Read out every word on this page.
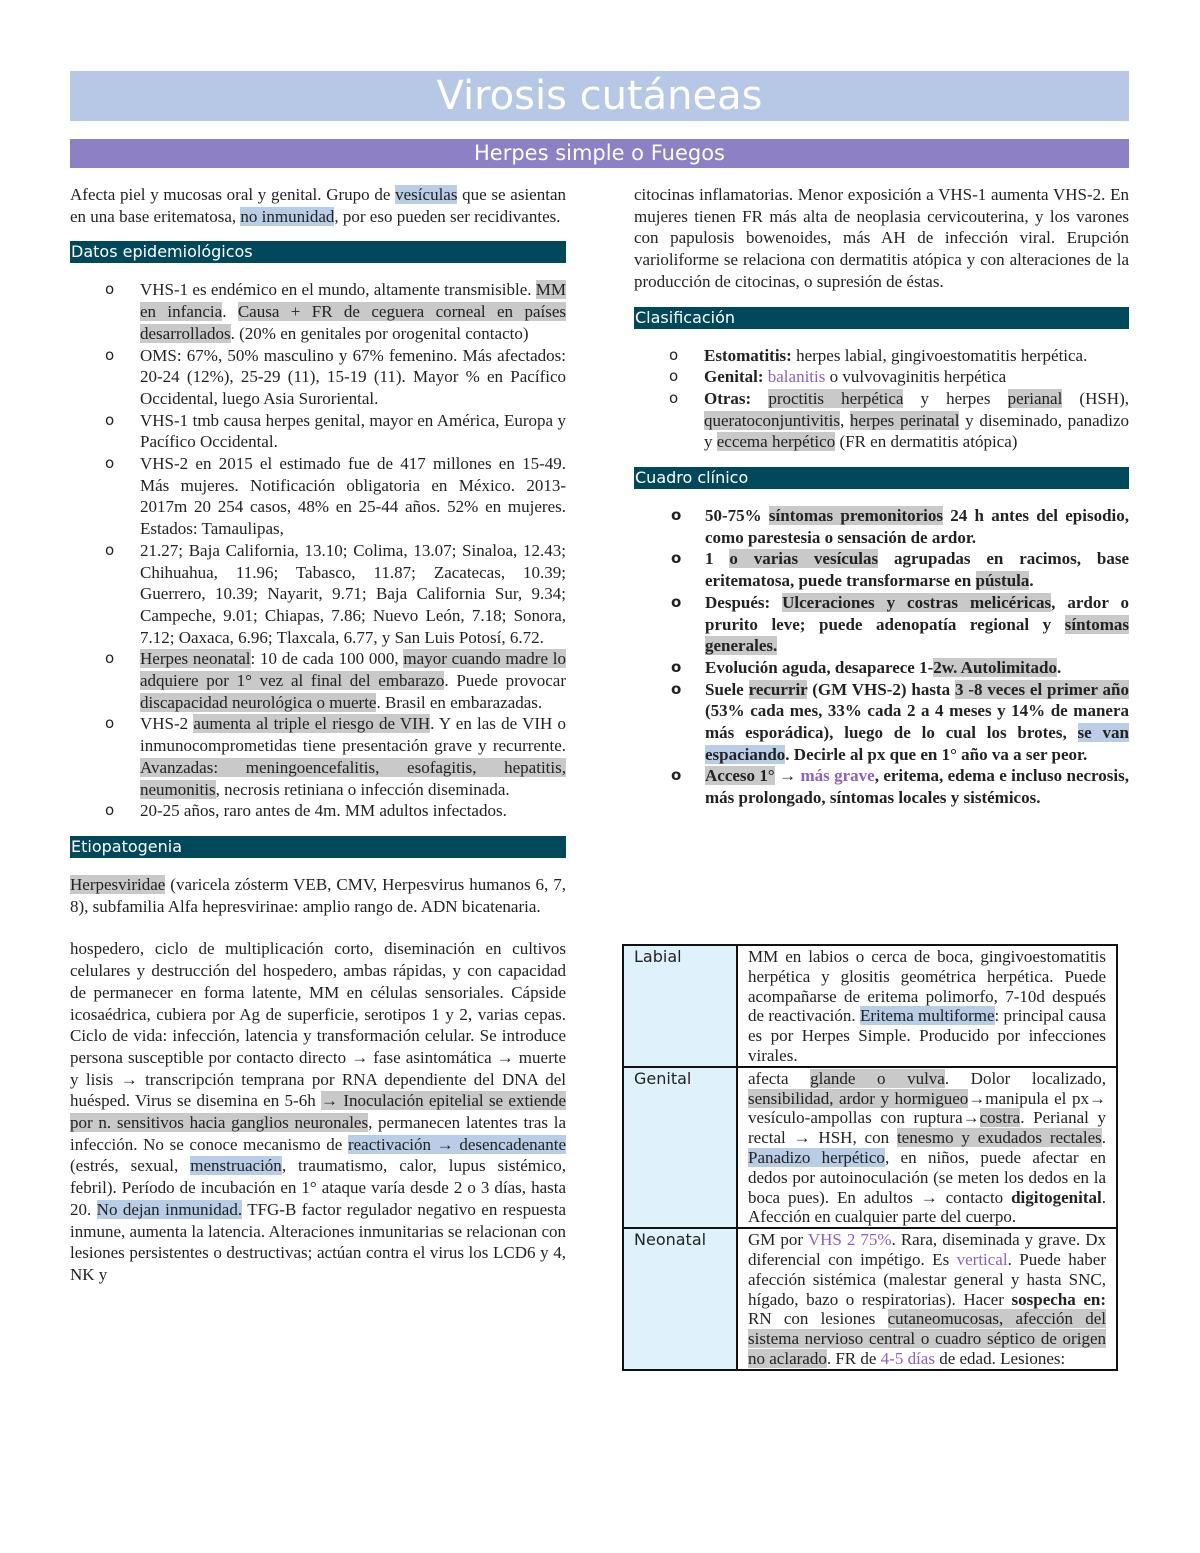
Virosis cutáneas
Herpes simple o Fuegos

Afecta piel y mucosas oral y genital. Grupo de vesículas que se asientan en una base eritematosa, no inmunidad, por eso pueden ser recidivantes.

Datos epidemiológicos
o VHS-1 es endémico en el mundo, altamente transmisible. MM en infancia. Causa + FR de ceguera corneal en países desarrollados. (20% en genitales por orogenital contacto)
o OMS: 67%, 50% masculino y 67% femenino. Más afectados: 20-24 (12%), 25-29 (11), 15-19 (11). Mayor % en Pacífico Occidental, luego Asia Suroriental.
o VHS-1 tmb causa herpes genital, mayor en América, Europa y Pacífico Occidental.
o VHS-2 en 2015 el estimado fue de 417 millones en 15-49. Más mujeres. Notificación obligatoria en México. 2013-2017m 20 254 casos, 48% en 25-44 años. 52% en mujeres. Estados: Tamaulipas,
o 21.27; Baja California, 13.10; Colima, 13.07; Sinaloa, 12.43; Chihuahua, 11.96; Tabasco, 11.87; Zacatecas, 10.39; Guerrero, 10.39; Nayarit, 9.71; Baja California Sur, 9.34; Campeche, 9.01; Chiapas, 7.86; Nuevo León, 7.18; Sonora, 7.12; Oaxaca, 6.96; Tlaxcala, 6.77, y San Luis Potosí, 6.72.
o Herpes neonatal: 10 de cada 100 000, mayor cuando madre lo adquiere por 1° vez al final del embarazo. Puede provocar discapacidad neurológica o muerte. Brasil en embarazadas.
o VHS-2 aumenta al triple el riesgo de VIH. Y en las de VIH o inmunocomprometidas tiene presentación grave y recurrente. Avanzadas: meningoencefalitis, esofagitis, hepatitis, neumonitis, necrosis retiniana o infección diseminada.
o 20-25 años, raro antes de 4m. MM adultos infectados.
Etiopatogenia

Herpesviridae (varicela zósterm VEB, CMV, Herpesvirus humanos 6, 7, 8), subfamilia Alfa hepresvirinae: amplio rango de. ADN bicatenaria.

hospedero, ciclo de multiplicación corto, diseminación en cultivos celulares y destrucción del hospedero, ambas rápidas, y con capacidad de permanecer en forma latente, MM en células sensoriales. Cápside icosaédrica, cubiera por Ag de superficie, serotipos 1 y 2, varias cepas. Ciclo de vida: infección, latencia y transformación celular. Se introduce persona susceptible por contacto directo → fase asintomática → muerte y lisis → transcripción temprana por RNA dependiente del DNA del huésped. Virus se disemina en 5-6h → Inoculación epitelial se extiende por n. sensitivos hacia ganglios neuronales, permanecen latentes tras la infección. No se conoce mecanismo de reactivación → desencadenante (estrés, sexual, menstruación, traumatismo, calor, lupus sistémico, febril). Período de incubación en 1° ataque varía desde 2 o 3 días, hasta 20. No dejan inmunidad. TFG-B factor regulador negativo en respuesta inmune, aumenta la latencia. Alteraciones inmunitarias se relacionan con lesiones persistentes o destructivas; actúan contra el virus los LCD6 y 4, NK y

citocinas inflamatorias. Menor exposición a VHS-1 aumenta VHS-2. En mujeres tienen FR más alta de neoplasia cervicouterina, y los varones con papulosis bowenoides, más AH de infección viral. Erupción varioliforme se relaciona con dermatitis atópica y con alteraciones de la producción de citocinas, o supresión de éstas.

Clasificación
o Estomatitis: herpes labial, gingivoestomatitis herpética.
o Genital: balanitis o vulvovaginitis herpética
o Otras: proctitis herpética y herpes perianal (HSH), queratoconjuntivitis, herpes perinatal y diseminado, panadizo y eccema herpético (FR en dermatitis atópica)
Cuadro clínico
o 50-75% síntomas premonitorios 24 h antes del episodio, como parestesia o sensación de ardor.
o 1 o varias vesículas agrupadas en racimos, base eritematosa, puede transformarse en pústula.
o Después: Ulceraciones y costras melicéricas, ardor o prurito leve; puede adenopatía regional y síntomas generales.
o Evolución aguda, desaparece 1-2w. Autolimitado.
o Suele recurrir (GM VHS-2) hasta 3 -8 veces el primer año (53% cada mes, 33% cada 2 a 4 meses y 14% de manera más esporádica), luego de lo cual los brotes, se van espaciando. Decirle al px que en 1° año va a ser peor.
o Acceso 1° → más grave, eritema, edema e incluso necrosis, más prolongado, síntomas locales y sistémicos.
Labial	MM en labios o cerca de boca, gingivoestomatitis herpética y glositis geométrica herpética. Puede acompañarse de eritema polimorfo, 7-10d después de reactivación. Eritema multiforme: principal causa es por Herpes Simple. Producido por infecciones virales.
Genital	afecta glande o vulva. Dolor localizado, sensibilidad, ardor y hormigueo→manipula el px→ vesículo-ampollas con ruptura→costra. Perianal y rectal → HSH, con tenesmo y exudados rectales. Panadizo herpético, en niños, puede afectar en dedos por autoinoculación (se meten los dedos en la boca pues). En adultos → contacto digitogenital. Afección en cualquier parte del cuerpo.
Neonatal	GM por VHS 2 75%. Rara, diseminada y grave. Dx diferencial con impétigo. Es vertical. Puede haber afección sistémica (malestar general y hasta SNC, hígado, bazo o respiratorias). Hacer sospecha en: RN con lesiones cutaneomucosas, afección del sistema nervioso central o cuadro séptico de origen no aclarado. FR de 4-5 días de edad. Lesiones:
